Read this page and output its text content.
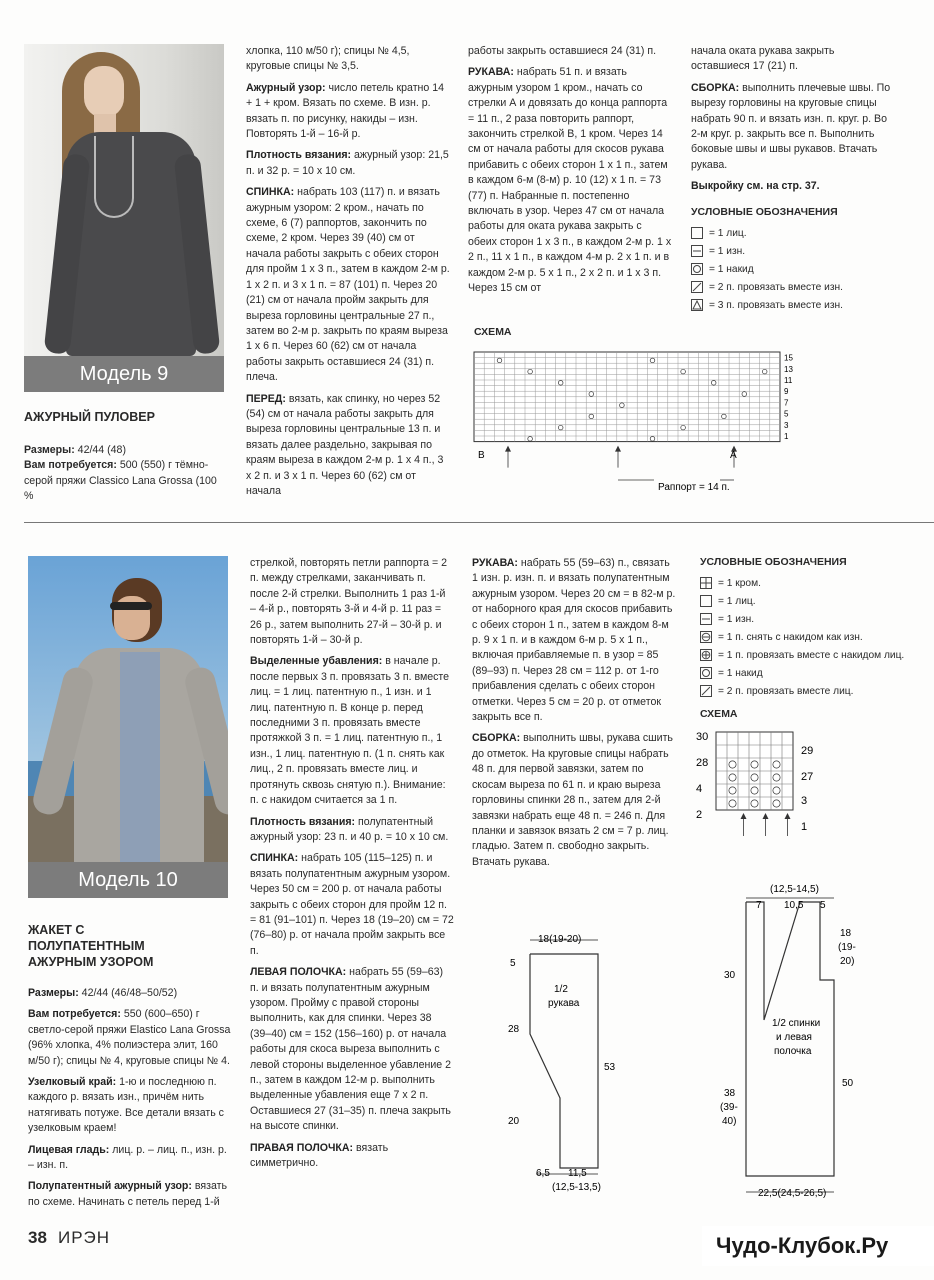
Модель 9
АЖУРНЫЙ ПУЛОВЕР
Размеры: 42/44 (48)
Вам потребуется: 500 (550) г тёмно-серой пряжи Classico Lana Grossa (100 %

хлопка, 110 м/50 г); спицы № 4,5, круговые спицы № 3,5.

Ажурный узор: число петель кратно 14 + 1 + кром. Вязать по схеме. В изн. р. вязать п. по рисунку, накиды – изн. Повторять 1-й – 16-й р.

Плотность вязания: ажурный узор: 21,5 п. и 32 р. = 10 х 10 см.

СПИНКА: набрать 103 (117) п. и вязать ажурным узором: 2 кром., начать по схеме, 6 (7) раппортов, закончить по схеме, 2 кром. Через 39 (40) см от начала работы закрыть с обеих сторон для пройм 1 х 3 п., затем в каждом 2-м р. 1 х 2 п. и 3 х 1 п. = 87 (101) п. Через 20 (21) см от начала пройм закрыть для выреза горловины центральные 27 п., затем во 2-м р. закрыть по краям выреза 1 х 6 п. Через 60 (62) см от начала работы закрыть оставшиеся 24 (31) п. плеча.

ПЕРЕД: вязать, как спинку, но через 52 (54) см от начала работы закрыть для выреза горловины центральные 13 п. и вязать далее раздельно, закрывая по краям выреза в каждом 2-м р. 1 х 4 п., 3 х 2 п. и 3 х 1 п. Через 60 (62) см от начала

работы закрыть оставшиеся 24 (31) п.

РУКАВА: набрать 51 п. и вязать ажурным узором 1 кром., начать со стрелки А и довязать до конца раппорта = 11 п., 2 раза повторить раппорт, закончить стрелкой В, 1 кром. Через 14 см от начала работы для скосов рукава прибавить с обеих сторон 1 х 1 п., затем в каждом 6-м (8-м) р. 10 (12) х 1 п. = 73 (77) п. Набранные п. постепенно включать в узор. Через 47 см от начала работы для оката рукава закрыть с обеих сторон 1 х 3 п., в каждом 2-м р. 1 х 2 п., 11 х 1 п., в каждом 4-м р. 2 х 1 п. и в каждом 2-м р. 5 х 1 п., 2 х 2 п. и 1 х 3 п. Через 15 см от

начала оката рукава закрыть оставшиеся 17 (21) п.

СБОРКА: выполнить плечевые швы. По вырезу горловины на круговые спицы набрать 90 п. и вязать изн. п. круг. р. Во 2-м круг. р. закрыть все п. Выполнить боковые швы и швы рукавов. Втачать рукава.

Выкройку см. на стр. 37.

УСЛОВНЫЕ ОБОЗНАЧЕНИЯ
= 1 лиц.
= 1 изн.
= 1 накид
= 2 п. провязать вместе изн.
= 3 п. провязать вместе изн.
СХЕМА
15
13
11
9
7
5
3
1
В	А
Раппорт = 14 п.
Модель 10
ЖАКЕТ С ПОЛУПАТЕНТНЫМ АЖУРНЫМ УЗОРОМ

Размеры: 42/44 (46/48–50/52)

Вам потребуется: 550 (600–650) г светло-серой пряжи Elastico Lana Grossa (96% хлопка, 4% полиэстера элит, 160 м/50 г); спицы № 4, круговые спицы № 4.

Узелковый край: 1-ю и последнюю п. каждого р. вязать изн., причём нить натягивать потуже. Все детали вязать с узелковым краем!

Лицевая гладь: лиц. р. – лиц. п., изн. р. – изн. п.

Полупатентный ажурный узор: вязать по схеме. Начинать с петель перед 1-й

стрелкой, повторять петли раппорта = 2 п. между стрелками, заканчивать п. после 2-й стрелки. Выполнить 1 раз 1-й – 4-й р., повторять 3-й и 4-й р. 11 раз = 26 р., затем выполнить 27-й – 30-й р. и повторять 1-й – 30-й р.

Выделенные убавления: в начале р. после первых 3 п. провязать 3 п. вместе лиц. = 1 лиц. патентную п., 1 изн. и 1 лиц. патентную п. В конце р. перед последними 3 п. провязать вместе протяжкой 3 п. = 1 лиц. патентную п., 1 изн., 1 лиц. патентную п. (1 п. снять как лиц., 2 п. провязать вместе лиц. и протянуть сквозь снятую п.). Внимание: п. с накидом считается за 1 п.

Плотность вязания: полупатентный ажурный узор: 23 п. и 40 р. = 10 х 10 см.

СПИНКА: набрать 105 (115–125) п. и вязать полупатентным ажурным узором. Через 50 см = 200 р. от начала работы закрыть с обеих сторон для пройм 12 п. = 81 (91–101) п. Через 18 (19–20) см = 72 (76–80) р. от начала пройм закрыть все п.

ЛЕВАЯ ПОЛОЧКА: набрать 55 (59–63) п. и вязать полупатентным ажурным узором. Пройму с правой стороны выполнить, как для спинки. Через 38 (39–40) см = 152 (156–160) р. от начала работы для скоса выреза выполнить с левой стороны выделенное убавление 2 п., затем в каждом 12-м р. выполнить выделенные убавления еще 7 х 2 п. Оставшиеся 27 (31–35) п. плеча закрыть на высоте спинки.

ПРАВАЯ ПОЛОЧКА: вязать симметрично.

РУКАВА: набрать 55 (59–63) п., связать 1 изн. р. изн. п. и вязать полупатентным ажурным узором. Через 20 см = в 82-м р. от наборного края для скосов прибавить с обеих сторон 1 п., затем в каждом 8-м р. 9 х 1 п. и в каждом 6-м р. 5 х 1 п., включая прибавляемые п. в узор = 85 (89–93) п. Через 28 см = 112 р. от 1-го прибавления сделать с обеих сторон отметки. Через 5 см = 20 р. от отметок закрыть все п.

СБОРКА: выполнить швы, рукава сшить до отметок. На круговые спицы набрать 48 п. для первой завязки, затем по скосам выреза по 61 п. и краю выреза горловины спинки 28 п., затем для 2-й завязки набрать еще 48 п. = 246 п. Для планки и завязок вязать 2 см = 7 р. лиц. гладью. Затем п. свободно закрыть. Втачать рукава.

УСЛОВНЫЕ ОБОЗНАЧЕНИЯ
= 1 кром.
= 1 лиц.
= 1 изн.
= 1 п. снять с накидом как изн.
= 1 п. провязать вместе с накидом лиц.
= 1 накид
= 2 п. провязать вместе лиц.
СХЕМА
30
28
4
2
29
27
3
1
18(19-20)
5
28
20
53
1/2
рукава
6,5 11,5
(12,5-13,5)
(12,5-14,5)
7 10,5 5
18
(19-
20)
30
1/2 спинки
и левая
полочка
50
38
(39-
40)
22,5(24,5-26,5)
38 ИРЭН	Чудо-Клубок.Ру
